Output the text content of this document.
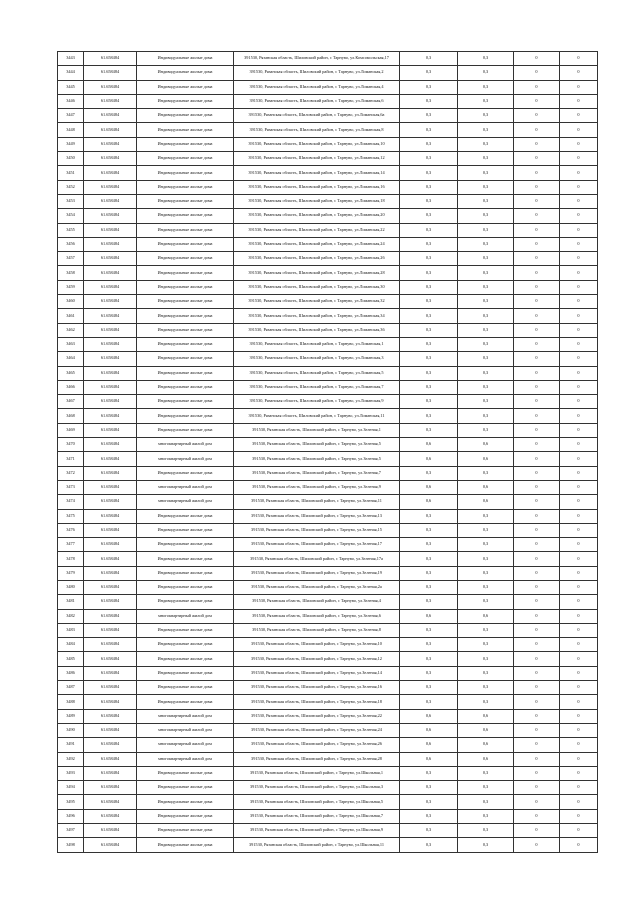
3443	61.658484	Индивидуальные жилые дома	391530, Рязанская область, Шиловский район, с Тарнуво, ул.Комсомольская,17	0,3	0,3	0	0
3444	61.658484	Индивидуальные жилые дома	391530, Рязанская область, Шиловский район, с Тарнуво, ул.Ломанская,2	0,3	0,3	0	0
3445	61.658484	Индивидуальные жилые дома	391530, Рязанская область, Шиловский район, с Тарнуво, ул.Ломанская,4	0,3	0,3	0	0
3446	61.658484	Индивидуальные жилые дома	391530, Рязанская область, Шиловский район, с Тарнуво, ул.Ломанская,6	0,3	0,3	0	0
3447	61.658484	Индивидуальные жилые дома	391530, Рязанская область, Шиловский район, с Тарнуво, ул.Ломанская,6а	0,3	0,3	0	0
3448	61.658484	Индивидуальные жилые дома	391530, Рязанская область, Шиловский район, с Тарнуво, ул.Ломанская,8	0,3	0,3	0	0
3449	61.658484	Индивидуальные жилые дома	391530, Рязанская область, Шиловский район, с Тарнуво, ул.Ломанская,10	0,3	0,3	0	0
3450	61.658484	Индивидуальные жилые дома	391530, Рязанская область, Шиловский район, с Тарнуво, ул.Ломанская,12	0,3	0,3	0	0
3451	61.658484	Индивидуальные жилые дома	391530, Рязанская область, Шиловский район, с Тарнуво, ул.Ломанская,14	0,3	0,3	0	0
3452	61.658484	Индивидуальные жилые дома	391530, Рязанская область, Шиловский район, с Тарнуво, ул.Ломанская,16	0,3	0,3	0	0
3453	61.658484	Индивидуальные жилые дома	391530, Рязанская область, Шиловский район, с Тарнуво, ул.Ломанская,18	0,3	0,3	0	0
3454	61.658484	Индивидуальные жилые дома	391530, Рязанская область, Шиловский район, с Тарнуво, ул.Ломанская,20	0,3	0,3	0	0
3455	61.658484	Индивидуальные жилые дома	391530, Рязанская область, Шиловский район, с Тарнуво, ул.Ломанская,22	0,3	0,3	0	0
3456	61.658484	Индивидуальные жилые дома	391530, Рязанская область, Шиловский район, с Тарнуво, ул.Ломанская,24	0,3	0,3	0	0
3457	61.658484	Индивидуальные жилые дома	391530, Рязанская область, Шиловский район, с Тарнуво, ул.Ломанская,26	0,3	0,3	0	0
3458	61.658484	Индивидуальные жилые дома	391530, Рязанская область, Шиловский район, с Тарнуво, ул.Ломанская,28	0,3	0,3	0	0
3459	61.658484	Индивидуальные жилые дома	391530, Рязанская область, Шиловский район, с Тарнуво, ул.Ломанская,30	0,3	0,3	0	0
3460	61.658484	Индивидуальные жилые дома	391530, Рязанская область, Шиловский район, с Тарнуво, ул.Ломанская,32	0,3	0,3	0	0
3461	61.658484	Индивидуальные жилые дома	391530, Рязанская область, Шиловский район, с Тарнуво, ул.Ломанская,34	0,3	0,3	0	0
3462	61.658484	Индивидуальные жилые дома	391530, Рязанская область, Шиловский район, с Тарнуво, ул.Ломанская,36	0,3	0,3	0	0
3463	61.658484	Индивидуальные жилые дома	391530, Рязанская область, Шиловский район, с Тарнуво, ул.Ломанская,1	0,3	0,3	0	0
3464	61.658484	Индивидуальные жилые дома	391530, Рязанская область, Шиловский район, с Тарнуво, ул.Ломанская,3	0,3	0,3	0	0
3465	61.658484	Индивидуальные жилые дома	391530, Рязанская область, Шиловский район, с Тарнуво, ул.Ломанская,5	0,3	0,3	0	0
3466	61.658484	Индивидуальные жилые дома	391530, Рязанская область, Шиловский район, с Тарнуво, ул.Ломанская,7	0,3	0,3	0	0
3467	61.658484	Индивидуальные жилые дома	391530, Рязанская область, Шиловский район, с Тарнуво, ул.Ломанская,9	0,3	0,3	0	0
3468	61.658484	Индивидуальные жилые дома	391530, Рязанская область, Шиловский район, с Тарнуво, ул.Ломанская,11	0,3	0,3	0	0
3469	61.658484	Индивидуальные жилые дома	391530, Рязанская область, Шиловский район, с Тарнуво, ул.Зеленая,1	0,3	0,3	0	0
3470	61.658484	многоквартирный жилой дом	391530, Рязанская область, Шиловский район, с Тарнуво, ул.Зеленая,5	0,6	0,6	0	0
3471	61.658484	многоквартирный жилой дом	391530, Рязанская область, Шиловский район, с Тарнуво, ул.Зеленая,5	0,6	0,6	0	0
3472	61.658484	Индивидуальные жилые дома	391530, Рязанская область, Шиловский район, с Тарнуво, ул.Зеленая,7	0,3	0,3	0	0
3473	61.658484	многоквартирный жилой дом	391530, Рязанская область, Шиловский район, с Тарнуво, ул.Зеленая,9	0,6	0,6	0	0
3474	61.658484	многоквартирный жилой дом	391530, Рязанская область, Шиловский район, с Тарнуво, ул.Зеленая,11	0,6	0,6	0	0
3475	61.658484	Индивидуальные жилые дома	391530, Рязанская область, Шиловский район, с Тарнуво, ул.Зеленая,13	0,3	0,3	0	0
3476	61.658484	Индивидуальные жилые дома	391530, Рязанская область, Шиловский район, с Тарнуво, ул.Зеленая,15	0,3	0,3	0	0
3477	61.658484	Индивидуальные жилые дома	391530, Рязанская область, Шиловский район, с Тарнуво, ул.Зеленая,17	0,3	0,3	0	0
3478	61.658484	Индивидуальные жилые дома	391530, Рязанская область, Шиловский район, с Тарнуво, ул.Зеленая,17а	0,3	0,3	0	0
3479	61.658484	Индивидуальные жилые дома	391530, Рязанская область, Шиловский район, с Тарнуво, ул.Зеленая,19	0,3	0,3	0	0
3480	61.658484	Индивидуальные жилые дома	391530, Рязанская область, Шиловский район, с Тарнуво, ул.Зеленая,2а	0,3	0,3	0	0
3481	61.658484	Индивидуальные жилые дома	391530, Рязанская область, Шиловский район, с Тарнуво, ул.Зеленая,4	0,3	0,3	0	0
3482	61.658484	многоквартирный жилой дом	391530, Рязанская область, Шиловский район, с Тарнуво, ул.Зеленая,6	0,6	0,6	0	0
3483	61.658484	Индивидуальные жилые дома	391530, Рязанская область, Шиловский район, с Тарнуво, ул.Зеленая,8	0,3	0,3	0	0
3484	61.658484	Индивидуальные жилые дома	391530, Рязанская область, Шиловский район, с Тарнуво, ул.Зеленая,10	0,3	0,3	0	0
3485	61.658484	Индивидуальные жилые дома	391530, Рязанская область, Шиловский район, с Тарнуво, ул.Зеленая,12	0,3	0,3	0	0
3486	61.658484	Индивидуальные жилые дома	391530, Рязанская область, Шиловский район, с Тарнуво, ул.Зеленая,14	0,3	0,3	0	0
3487	61.658484	Индивидуальные жилые дома	391530, Рязанская область, Шиловский район, с Тарнуво, ул.Зеленая,16	0,3	0,3	0	0
3488	61.658484	Индивидуальные жилые дома	391530, Рязанская область, Шиловский район, с Тарнуво, ул.Зеленая,18	0,3	0,3	0	0
3489	61.658484	многоквартирный жилой дом	391530, Рязанская область, Шиловский район, с Тарнуво, ул.Зеленая,22	0,6	0,6	0	0
3490	61.658484	многоквартирный жилой дом	391530, Рязанская область, Шиловский район, с Тарнуво, ул.Зеленая,24	0,6	0,6	0	0
3491	61.658484	многоквартирный жилой дом	391530, Рязанская область, Шиловский район, с Тарнуво, ул.Зеленая,26	0,6	0,6	0	0
3492	61.658484	многоквартирный жилой дом	391530, Рязанская область, Шиловский район, с Тарнуво, ул.Зеленая,28	0,6	0,6	0	0
3493	61.658484	Индивидуальные жилые дома	391530, Рязанская область, Шиловский район, с Тарнуво, ул.Школьная,1	0,3	0,3	0	0
3494	61.658484	Индивидуальные жилые дома	391530, Рязанская область, Шиловский район, с Тарнуво, ул.Школьная,3	0,3	0,3	0	0
3495	61.658484	Индивидуальные жилые дома	391530, Рязанская область, Шиловский район, с Тарнуво, ул.Школьная,5	0,3	0,3	0	0
3496	61.658484	Индивидуальные жилые дома	391530, Рязанская область, Шиловский район, с Тарнуво, ул.Школьная,7	0,3	0,3	0	0
3497	61.658484	Индивидуальные жилые дома	391530, Рязанская область, Шиловский район, с Тарнуво, ул.Школьная,9	0,3	0,3	0	0
3498	61.658484	Индивидуальные жилые дома	391530, Рязанская область, Шиловский район, с Тарнуво, ул.Школьная,11	0,3	0,3	0	0
